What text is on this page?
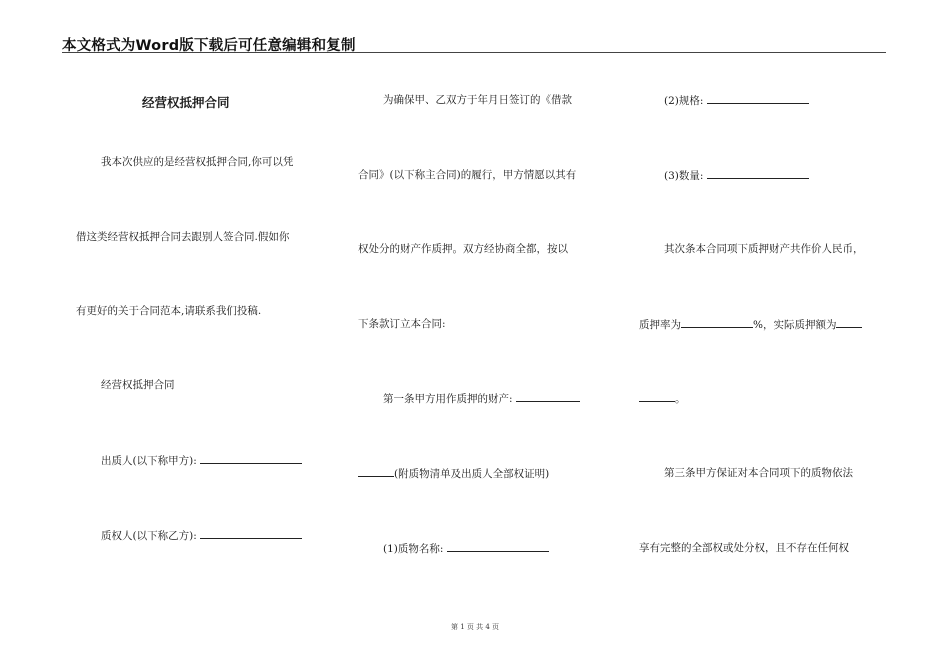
本文格式为Word版下载后可任意编辑和复制
经营权抵押合同
我本次供应的是经营权抵押合同,你可以凭
借这类经营权抵押合同去跟别人签合同.假如你
有更好的关于合同范本,请联系我们投稿.
经营权抵押合同
出质人(以下称甲方):
质权人(以下称乙方):
为确保甲、乙双方于年月日签订的《借款
合同》(以下称主合同)的履行，甲方情愿以其有
权处分的财产作质押。双方经协商全都，按以
下条款订立本合同:
第一条甲方用作质押的财产:
(附质物清单及出质人全部权证明)
(1)质物名称:
(2)规格:
(3)数量:
其次条本合同项下质押财产共作价人民币，
质押率为	%，实际质押额为
。
第三条甲方保证对本合同项下的质物依法
享有完整的全部权或处分权，且不存在任何权
第 1 页 共 4 页
